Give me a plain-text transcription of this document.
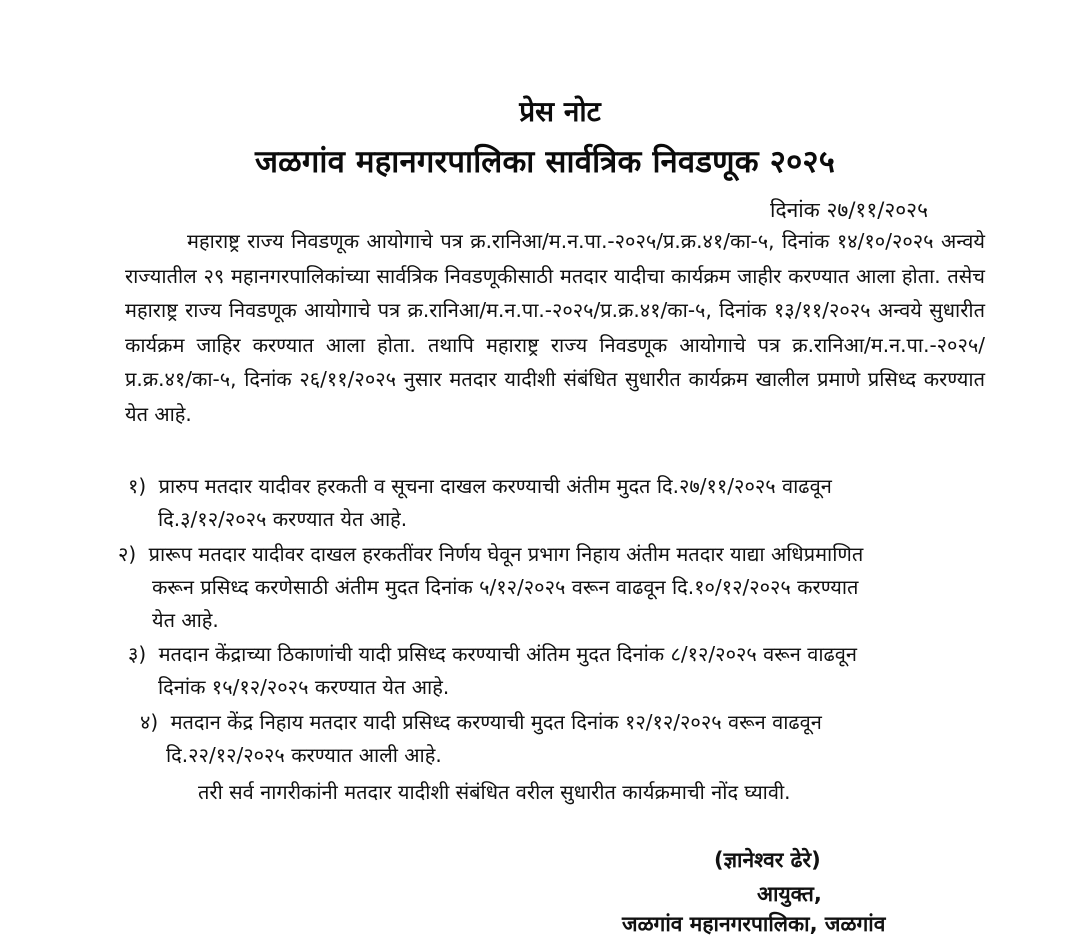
प्रेस नोट
जळगांव महानगरपालिका सार्वत्रिक निवडणूक २०२५
दिनांक २७/११/२०२५
महाराष्ट्र राज्य निवडणूक आयोगाचे पत्र क्र.रानिआ/म.न.पा.-२०२५/प्र.क्र.४१/का-५, दिनांक १४/१०/२०२५ अन्वये राज्यातील २९ महानगरपालिकांच्या सार्वत्रिक निवडणूकीसाठी मतदार यादीचा कार्यक्रम जाहीर करण्यात आला होता. तसेच महाराष्ट्र राज्य निवडणूक आयोगाचे पत्र क्र.रानिआ/म.न.पा.-२०२५/प्र.क्र.४१/का-५, दिनांक १३/११/२०२५ अन्वये सुधारीत कार्यक्रम जाहिर करण्यात आला होता. तथापि महाराष्ट्र राज्य निवडणूक आयोगाचे पत्र क्र.रानिआ/म.न.पा.-२०२५/प्र.क्र.४१/का-५, दिनांक २६/११/२०२५ नुसार मतदार यादीशी संबंधित सुधारीत कार्यक्रम खालील प्रमाणे प्रसिध्द करण्यात येत आहे.
१) प्रारुप मतदार यादीवर हरकती व सूचना दाखल करण्याची अंतीम मुदत दि.२७/११/२०२५ वाढवून
दि.३/१२/२०२५ करण्यात येत आहे.
२) प्रारूप मतदार यादीवर दाखल हरकतींवर निर्णय घेवून प्रभाग निहाय अंतीम मतदार याद्या अधिप्रमाणित
करून प्रसिध्द करणेसाठी अंतीम मुदत दिनांक ५/१२/२०२५ वरून वाढवून दि.१०/१२/२०२५ करण्यात
येत आहे.
३) मतदान केंद्राच्या ठिकाणांची यादी प्रसिध्द करण्याची अंतिम मुदत दिनांक ८/१२/२०२५ वरून वाढवून
दिनांक १५/१२/२०२५ करण्यात येत आहे.
४) मतदान केंद्र निहाय मतदार यादी प्रसिध्द करण्याची मुदत दिनांक १२/१२/२०२५ वरून वाढवून
दि.२२/१२/२०२५ करण्यात आली आहे.
तरी सर्व नागरीकांनी मतदार यादीशी संबंधित वरील सुधारीत कार्यक्रमाची नोंद घ्यावी.
(ज्ञानेश्वर ढेरे)
आयुक्त,
जळगांव महानगरपालिका, जळगांव
